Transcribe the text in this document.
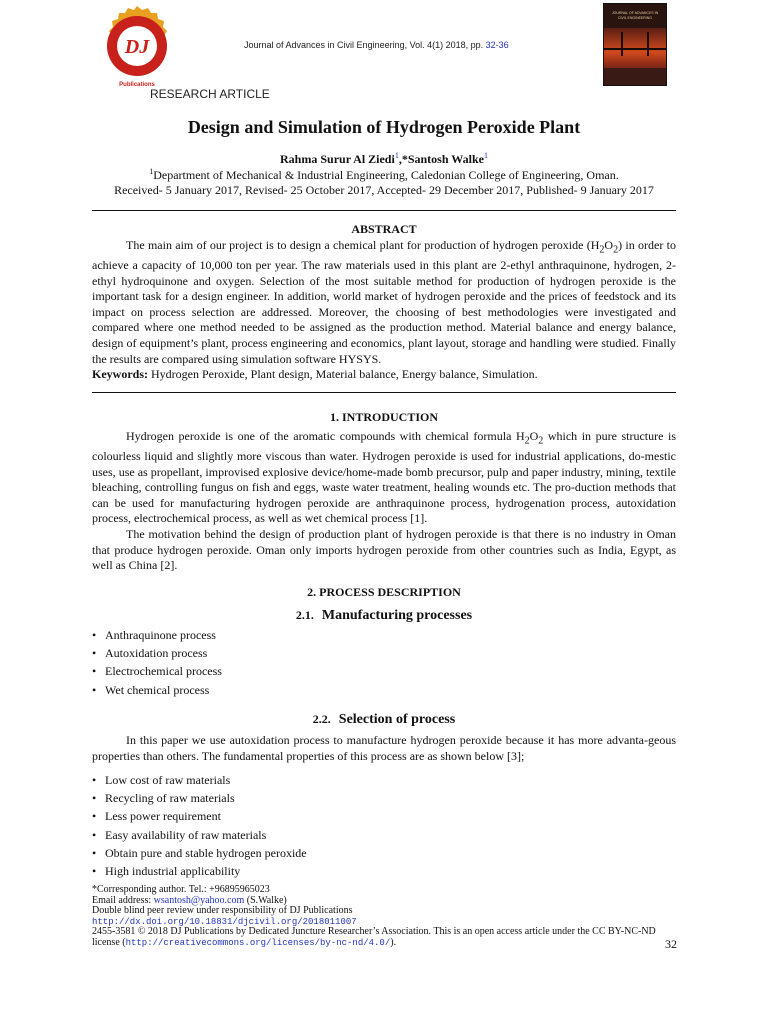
DJ
Publications
Journal of Advances in Civil Engineering, Vol. 4(1) 2018, pp. 32-36
JOURNAL OF ADVANCES IN CIVIL ENGINEERING
RESEARCH ARTICLE
Design and Simulation of Hydrogen Peroxide Plant
Rahma Surur Al Ziedi$^1$,*Santosh Walke$^1$
$^1$Department of Mechanical & Industrial Engineering, Caledonian College of Engineering, Oman.
Received- 5 January 2017, Revised- 25 October 2017, Accepted- 29 December 2017, Published- 9 January 2017
ABSTRACT

The main aim of our project is to design a chemical plant for production of hydrogen peroxide $(H_2O_2)$ in order to achieve a capacity of 10,000 ton per year. The raw materials used in this plant are 2-ethyl anthraquinone, hydrogen, 2-ethyl hydroquinone and oxygen. Selection of the most suitable method for production of hydrogen peroxide is the important task for a design engineer. In addition, world market of hydrogen peroxide and the prices of feedstock and its impact on process selection are addressed. Moreover, the choosing of best methodologies were investigated and compared where one method needed to be assigned as the production method. Material balance and energy balance, design of equipment’s plant, process engineering and economics, plant layout, storage and handling were studied. Finally the results are compared using simulation software HYSYS.

Keywords: Hydrogen Peroxide, Plant design, Material balance, Energy balance, Simulation.

1. INTRODUCTION

Hydrogen peroxide is one of the aromatic compounds with chemical formula $H_2O_2$ which in pure structure is colourless liquid and slightly more viscous than water. Hydrogen peroxide is used for industrial applications, do-mestic uses, use as propellant, improvised explosive device/home-made bomb precursor, pulp and paper industry, mining, textile bleaching, controlling fungus on fish and eggs, waste water treatment, healing wounds etc. The pro-duction methods that can be used for manufacturing hydrogen peroxide are anthraquinone process, hydrogenation process, autoxidation process, electrochemical process, as well as wet chemical process [1].

The motivation behind the design of production plant of hydrogen peroxide is that there is no industry in Oman that produce hydrogen peroxide. Oman only imports hydrogen peroxide from other countries such as India, Egypt, as well as China [2].

2. PROCESS DESCRIPTION
2.1. Manufacturing processes
• Anthraquinone process
• Autoxidation process
• Electrochemical process
• Wet chemical process
2.2. Selection of process

In this paper we use autoxidation process to manufacture hydrogen peroxide because it has more advanta-geous properties than others. The fundamental properties of this process are as shown below [3];

• Low cost of raw materials
• Recycling of raw materials
• Less power requirement
• Easy availability of raw materials
• Obtain pure and stable hydrogen peroxide
• High industrial applicability
*Corresponding author. Tel.: +96895965023
Email address: wsantosh@yahoo.com (S.Walke)
Double blind peer review under responsibility of DJ Publications
http://dx.doi.org/10.18831/djcivil.org/2018011007
2455-3581 © 2018 DJ Publications by Dedicated Juncture Researcher’s Association. This is an open access article under the CC BY-NC-ND
license (http://creativecommons.org/licenses/by-nc-nd/4.0/).	32
